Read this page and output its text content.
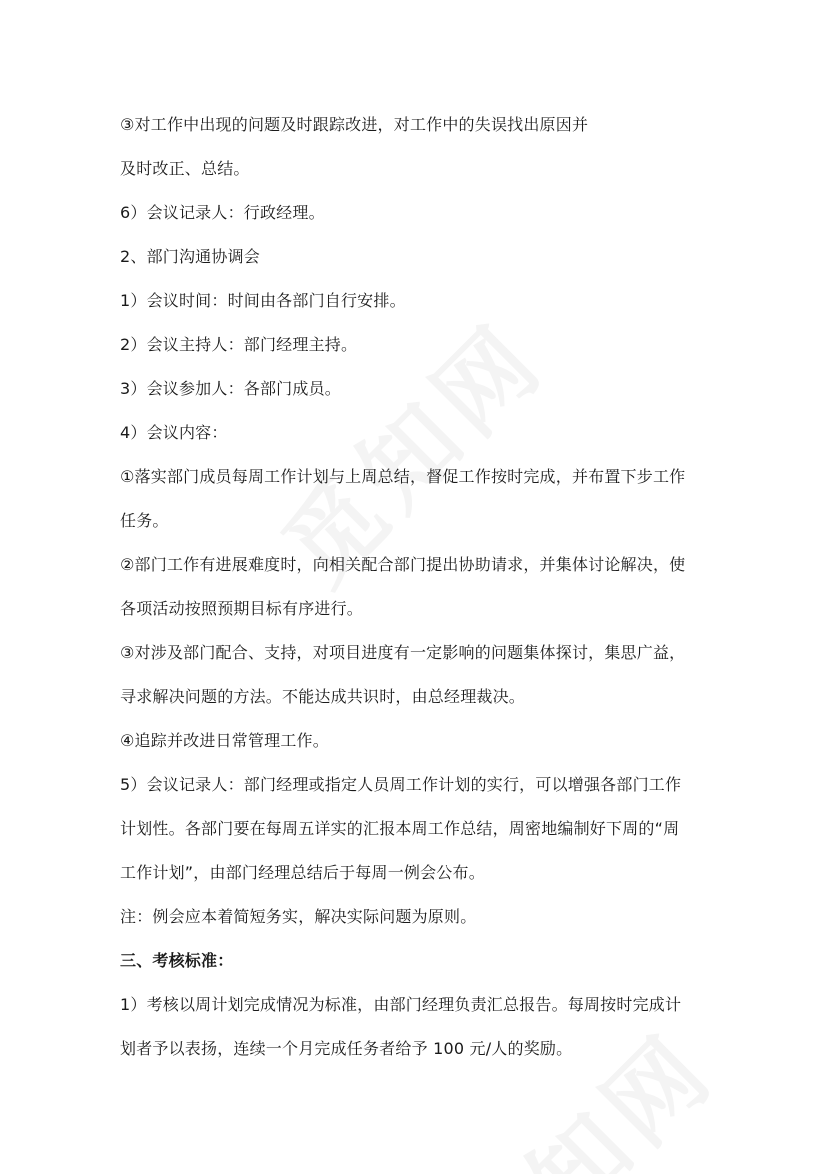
③对工作中出现的问题及时跟踪改进，对工作中的失误找出原因并
及时改正、总结。
6）会议记录人：行政经理。
2、部门沟通协调会
1）会议时间：时间由各部门自行安排。
2）会议主持人：部门经理主持。
3）会议参加人：各部门成员。
4）会议内容：
①落实部门成员每周工作计划与上周总结，督促工作按时完成，并布置下步工作
任务。
②部门工作有进展难度时，向相关配合部门提出协助请求，并集体讨论解决，使
各项活动按照预期目标有序进行。
③对涉及部门配合、支持，对项目进度有一定影响的问题集体探讨，集思广益，
寻求解决问题的方法。不能达成共识时，由总经理裁决。
④追踪并改进日常管理工作。
5）会议记录人：部门经理或指定人员周工作计划的实行，可以增强各部门工作
计划性。各部门要在每周五详实的汇报本周工作总结，周密地编制好下周的“周
工作计划”，由部门经理总结后于每周一例会公布。
注：例会应本着简短务实，解决实际问题为原则。
三、考核标准：
1）考核以周计划完成情况为标准，由部门经理负责汇总报告。每周按时完成计
划者予以表扬，连续一个月完成任务者给予 100 元/人的奖励。
